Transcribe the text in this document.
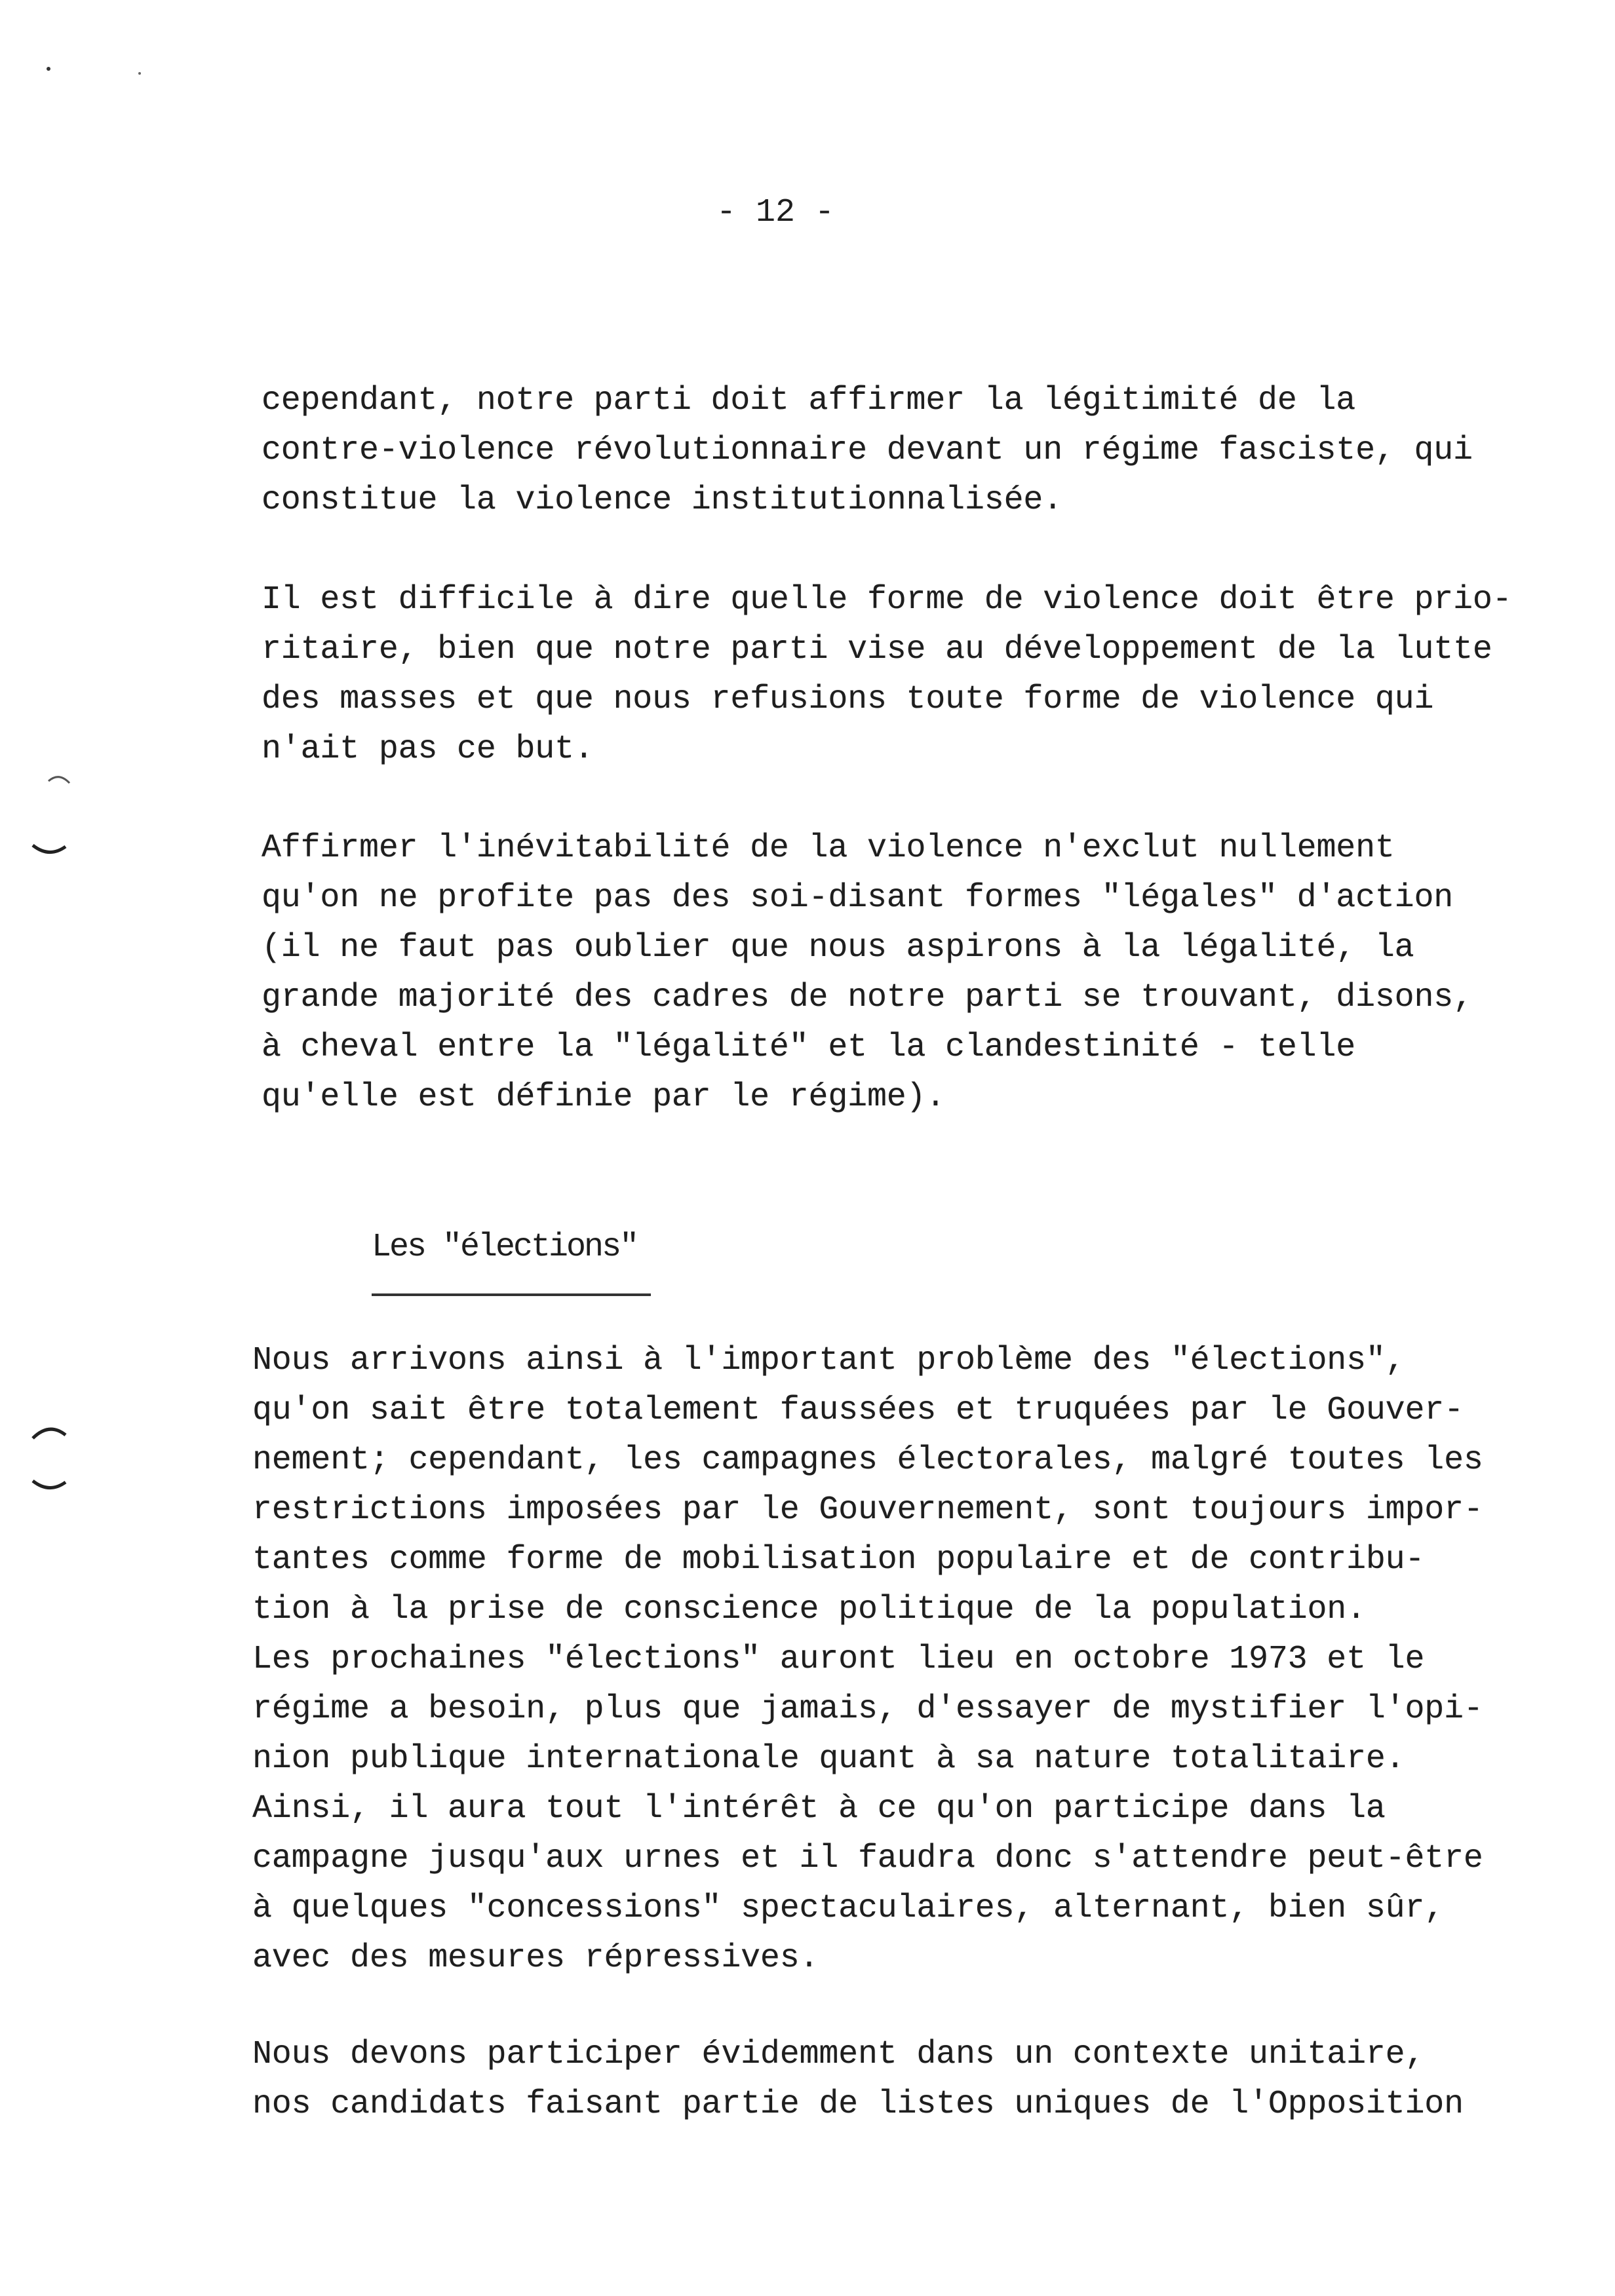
- 12 -
cependant, notre parti doit affirmer la légitimité de la
contre-violence révolutionnaire devant un régime fasciste, qui
constitue la violence institutionnalisée.
Il est difficile à dire quelle forme de violence doit être prio-
ritaire, bien que notre parti vise au développement de la lutte
des masses et que nous refusions toute forme de violence qui
n'ait pas ce but.
Affirmer l'inévitabilité de la violence n'exclut nullement
qu'on ne profite pas des soi-disant formes "légales" d'action
(il ne faut pas oublier que nous aspirons à la légalité, la
grande majorité des cadres de notre parti se trouvant, disons,
à cheval entre la "légalité" et la clandestinité - telle
qu'elle est définie par le régime).
Les "élections"
Nous arrivons ainsi à l'important problème des "élections",
qu'on sait être totalement faussées et truquées par le Gouver-
nement; cependant, les campagnes électorales, malgré toutes les
restrictions imposées par le Gouvernement, sont toujours impor-
tantes comme forme de mobilisation populaire et de contribu-
tion à la prise de conscience politique de la population.
Les prochaines "élections" auront lieu en octobre 1973 et le
régime a besoin, plus que jamais, d'essayer de mystifier l'opi-
nion publique internationale quant à sa nature totalitaire.
Ainsi, il aura tout l'intérêt à ce qu'on participe dans la
campagne jusqu'aux urnes et il faudra donc s'attendre peut-être
à quelques "concessions" spectaculaires, alternant, bien sûr,
avec des mesures répressives.
Nous devons participer évidemment dans un contexte unitaire,
nos candidats faisant partie de listes uniques de l'Opposition
